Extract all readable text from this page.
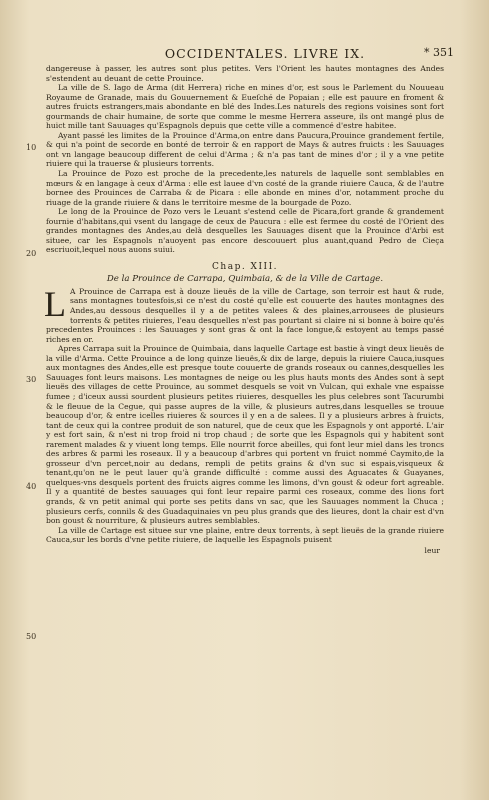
OCCIDENTALES. LIVRE IX.	* 351
10
20
30
40
50

dangereuse à passer, les autres sont plus petites. Vers l'Orient les hautes montagnes des Andes s'estendent au deuant de cette Prouince.

La ville de S. Iago de Arma (dit Herrera) riche en mines d'or, est sous le Parlement du Nouueau Royaume de Granade, mais du Gouuernement & Eueſché de Popaian ; elle est pauure en froment & autres fruicts estrangers,mais abondante en blé des Indes.Les naturels des regions voisines sont fort gourmands de chair humaine, de sorte que comme le mesme Herrera asseure, ils ont mangé plus de huict mille tant Sauuages qu'Espagnols depuis que cette ville a commencé d'estre habitee.

Ayant passé les limites de la Prouince d'Arma,on entre dans Paucura,Prouince grandement fertile, & qui n'a point de secorde en bonté de terroir & en rapport de Mays & autres fruicts : les Sauuages ont vn langage beaucoup different de celui d'Arma ; & n'a pas tant de mines d'or ; il y a vne petite riuiere qui la trauerse & plusieurs torrents.

La Prouince de Pozo est proche de la precedente,les naturels de laquelle sont semblables en mœurs & en langage à ceux d'Arma : elle est lauee d'vn costé de la grande riuiere Cauca, & de l'autre bornee des Prouinces de Carraba & de Picara : elle abonde en mines d'or, notamment proche du riuage de la grande riuiere & dans le territoire mesme de la bourgade de Pozo.

Le long de la Prouince de Pozo vers le Leuant s'estend celle de Picara,fort grande & grandement fournie d'habitans,qui vsent du langage de ceux de Paucura : elle est fermee du costé de l'Orient des grandes montagnes des Andes,au delà desquelles les Sauuages disent que la Prouince d'Arbi est situee, car les Espagnols n'auoyent pas encore descouuert plus auant,quand Pedro de Cieça escriuoit,lequel nous auons suiui.

Chap. XIII.
De la Prouince de Carrapa, Quimbaia, & de la Ville de Cartage.
L A Prouince de Carrapa est à douze lieuës de la ville de Cartage, son terroir est haut & rude, sans montagnes toutesfois,si ce n'est du costé qu'elle est couuerte des hautes montagnes des Andes,au dessous desquelles il y a de petites valees & des plaines,arrousees de plusieurs torrents & petites riuieres, l'eau desquelles n'est pas pourtant si claire ni si bonne à boire qu'és precedentes Prouinces : les Sauuages y sont gras & ont la face longue,& estoyent au temps passé riches en or.

Apres Carrapa suit la Prouince de Quimbaia, dans laquelle Cartage est bastie à vingt deux lieuës de la ville d'Arma. Cette Prouince a de long quinze lieuës,& dix de large, depuis la riuiere Cauca,iusques aux montagnes des Andes,elle est presque toute couuerte de grands roseaux ou cannes,desquelles les Sauuages font leurs maisons. Les montagnes de neige ou les plus hauts monts des Andes sont à sept lieuës des villages de cette Prouince, au sommet desquels se voit vn Vulcan, qui exhale vne espaisse fumee ; d'iceux aussi sourdent plusieurs petites riuieres, desquelles les plus celebres sont Tacurumbi & le fleuue de la Cegue, qui passe aupres de la ville, & plusieurs autres,dans lesquelles se trouue beaucoup d'or, & entre icelles riuieres & sources il y en a de salees. Il y a plusieurs arbres à fruicts, tant de ceux qui la contree produit de son naturel, que de ceux que les Espagnols y ont apporté. L'air y est fort sain, & n'est ni trop froid ni trop chaud ; de sorte que les Espagnols qui y habitent sont rarement malades & y viuent long temps. Elle nourrit force abeilles, qui font leur miel dans les troncs des arbres & parmi les roseaux. Il y a beaucoup d'arbres qui portent vn fruict nommé Caymito,de la grosseur d'vn percet,noir au dedans, rempli de petits grains & d'vn suc si espais,visqueux & tenant,qu'on ne le peut lauer qu'à grande difficulté : comme aussi des Aguacates & Guayanes, quelques-vns desquels portent des fruicts aigres comme les limons, d'vn goust & odeur fort agreable. Il y a quantité de bestes sauuages qui font leur repaire parmi ces roseaux, comme des lions fort grands, & vn petit animal qui porte ses petits dans vn sac, que les Sauuages nomment la Chuca ; plusieurs cerfs, connils & des Guadaquinaies vn peu plus grands que des lieures, dont la chair est d'vn bon goust & nourriture, & plusieurs autres semblables.

La ville de Cartage est situee sur vne plaine, entre deux torrents, à sept lieuës de la grande riuiere Cauca,sur les bords d'vne petite riuiere, de laquelle les Espagnols puisent

leur
